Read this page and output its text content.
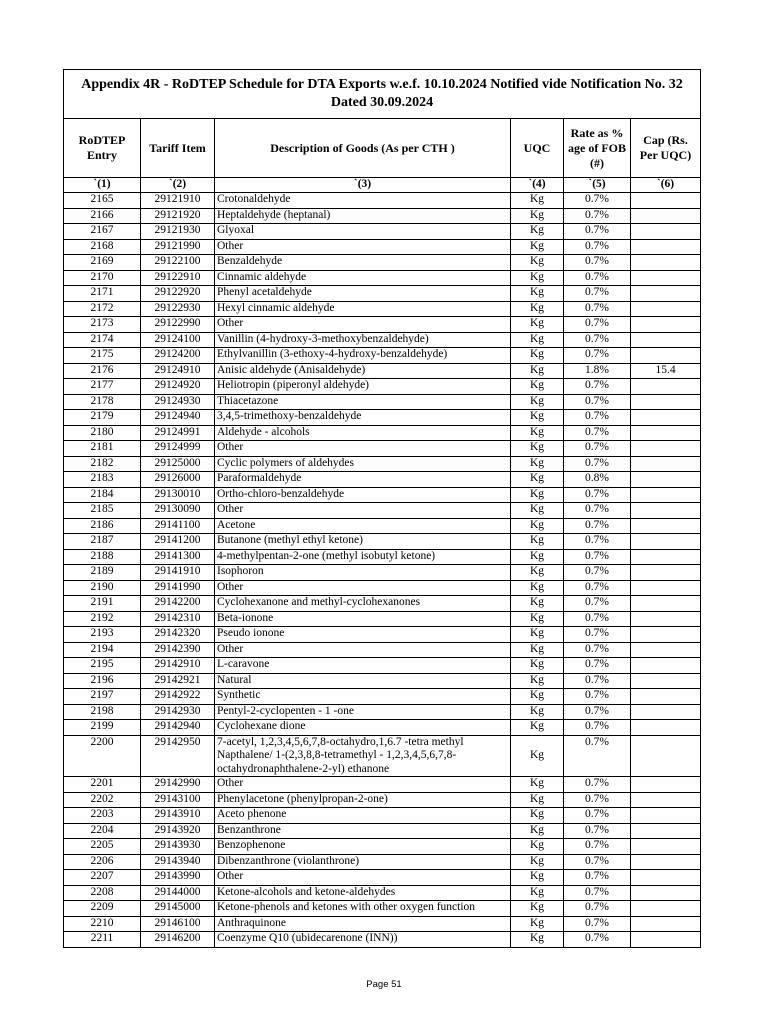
Appendix 4R - RoDTEP Schedule for DTA Exports w.e.f. 10.10.2024 Notified vide Notification No. 32 Dated 30.09.2024					
RoDTEP Entry	Tariff Item	Description of Goods (As per CTH )	UQC	Rate as % age of FOB (#)	Cap (Rs. Per UQC)
`(1)	`(2)	`(3)	`(4)	`(5)	`(6)
2165	29121910	Crotonaldehyde	Kg	0.7%	
2166	29121920	Heptaldehyde (heptanal)	Kg	0.7%	
2167	29121930	Glyoxal	Kg	0.7%	
2168	29121990	Other	Kg	0.7%	
2169	29122100	Benzaldehyde	Kg	0.7%	
2170	29122910	Cinnamic aldehyde	Kg	0.7%	
2171	29122920	Phenyl acetaldehyde	Kg	0.7%	
2172	29122930	Hexyl cinnamic aldehyde	Kg	0.7%	
2173	29122990	Other	Kg	0.7%	
2174	29124100	Vanillin (4-hydroxy-3-methoxybenzaldehyde)	Kg	0.7%	
2175	29124200	Ethylvanillin (3-ethoxy-4-hydroxy-benzaldehyde)	Kg	0.7%	
2176	29124910	Anisic aldehyde (Anisaldehyde)	Kg	1.8%	15.4
2177	29124920	Heliotropin (piperonyl aldehyde)	Kg	0.7%	
2178	29124930	Thiacetazone	Kg	0.7%	
2179	29124940	3,4,5-trimethoxy-benzaldehyde	Kg	0.7%	
2180	29124991	Aldehyde - alcohols	Kg	0.7%	
2181	29124999	Other	Kg	0.7%	
2182	29125000	Cyclic polymers of aldehydes	Kg	0.7%	
2183	29126000	Paraformaldehyde	Kg	0.8%	
2184	29130010	Ortho-chloro-benzaldehyde	Kg	0.7%	
2185	29130090	Other	Kg	0.7%	
2186	29141100	Acetone	Kg	0.7%	
2187	29141200	Butanone (methyl ethyl ketone)	Kg	0.7%	
2188	29141300	4-methylpentan-2-one (methyl isobutyl ketone)	Kg	0.7%	
2189	29141910	Isophoron	Kg	0.7%	
2190	29141990	Other	Kg	0.7%	
2191	29142200	Cyclohexanone and methyl-cyclohexanones	Kg	0.7%	
2192	29142310	Beta-ionone	Kg	0.7%	
2193	29142320	Pseudo ionone	Kg	0.7%	
2194	29142390	Other	Kg	0.7%	
2195	29142910	L-caravone	Kg	0.7%	
2196	29142921	Natural	Kg	0.7%	
2197	29142922	Synthetic	Kg	0.7%	
2198	29142930	Pentyl-2-cyclopenten - 1 -one	Kg	0.7%	
2199	29142940	Cyclohexane dione	Kg	0.7%	
2200	29142950	7-acetyl, 1,2,3,4,5,6,7,8-octahydro,1,6.7 -tetra methyl Napthalene/ 1-(2,3,8,8-tetramethyl - 1,2,3,4,5,6,7,8-octahydronaphthalene-2-yl) ethanone	Kg	0.7%	
2201	29142990	Other	Kg	0.7%	
2202	29143100	Phenylacetone (phenylpropan-2-one)	Kg	0.7%	
2203	29143910	Aceto phenone	Kg	0.7%	
2204	29143920	Benzanthrone	Kg	0.7%	
2205	29143930	Benzophenone	Kg	0.7%	
2206	29143940	Dibenzanthrone (violanthrone)	Kg	0.7%	
2207	29143990	Other	Kg	0.7%	
2208	29144000	Ketone-alcohols and ketone-aldehydes	Kg	0.7%	
2209	29145000	Ketone-phenols and ketones with other oxygen function	Kg	0.7%	
2210	29146100	Anthraquinone	Kg	0.7%	
2211	29146200	Coenzyme Q10 (ubidecarenone (INN))	Kg	0.7%	
Page 51
